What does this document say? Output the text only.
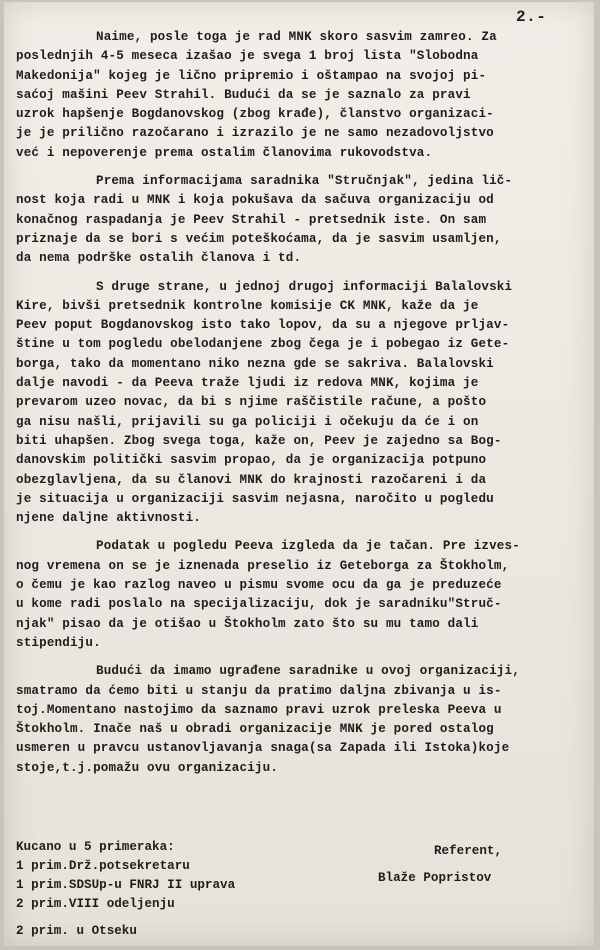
2.-
Naime, posle toga je rad MNK skoro sasvim zamreo. Za
poslednjih 4-5 meseca izašao je svega 1 broj lista "Slobodna
Makedonija" kojeg je lično pripremio i oštampao na svojoj pi-
saćoj mašini Peev Strahil. Budući da se je saznalo za pravi
uzrok hapšenje Bogdanovskog (zbog krađe), članstvo organizaci-
je je prilično razočarano i izrazilo je ne samo nezadovoljstvo
već i nepoverenje prema ostalim članovima rukovodstva.
Prema informacijama saradnika "Stručnjak", jedina lič-
nost koja radi u MNK i koja pokušava da sačuva organizaciju od
konačnog raspadanja je Peev Strahil - pretsednik iste. On sam
priznaje da se bori s većim poteškoćama, da je sasvim usamljen,
da nema podrške ostalih članova i td.
S druge strane, u jednoj drugoj informaciji Balalovski
Kire, bivši pretsednik kontrolne komisije CK MNK, kaže da je
Peev poput Bogdanovskog isto tako lopov, da su a njegove prljav-
štine u tom pogledu obelodanjene zbog čega je i pobegao iz Gete-
borga, tako da momentano niko nezna gde se sakriva. Balalovski
dalje navodi - da Peeva traže ljudi iz redova MNK, kojima je
prevarom uzeo novac, da bi s njime raščistile račune, a pošto
ga nisu našli, prijavili su ga policiji i očekuju da će i on
biti uhapšen. Zbog svega toga, kaže on, Peev je zajedno sa Bog-
danovskim politički sasvim propao, da je organizacija potpuno
obezglavljena, da su članovi MNK do krajnosti razočareni i da
je situacija u organizaciji sasvim nejasna, naročito u pogledu
njene daljne aktivnosti.
Podatak u pogledu Peeva izgleda da je tačan. Pre izves-
nog vremena on se je iznenada preselio iz Geteborga za Štokholm,
o čemu je kao razlog naveo u pismu svome ocu da ga je preduzeće
u kome radi poslalo na specijalizaciju, dok je saradniku"Struč-
njak" pisao da je otišao u Štokholm zato što su mu tamo dali
stipendiju.
Budući da imamo ugrađene saradnike u ovoj organizaciji,
smatramo da ćemo biti u stanju da pratimo daljna zbivanja u is-
toj.Momentano nastojimo da saznamo pravi uzrok preleska Peeva u
Štokholm. Inače naš u obradi organizacije MNK je pored ostalog
usmeren u pravcu ustanovljavanja snaga(sa Zapada ili Istoka)koje
stoje,t.j.pomažu ovu organizaciju.
Kucano u 5 primeraka:
1 prim.Drž.potsekretaru
1 prim.SDSUp-u FNRJ II uprava
2 prim.VIII odeljenju
2 prim. u Otseku
Referent,
Blaže Popristov
